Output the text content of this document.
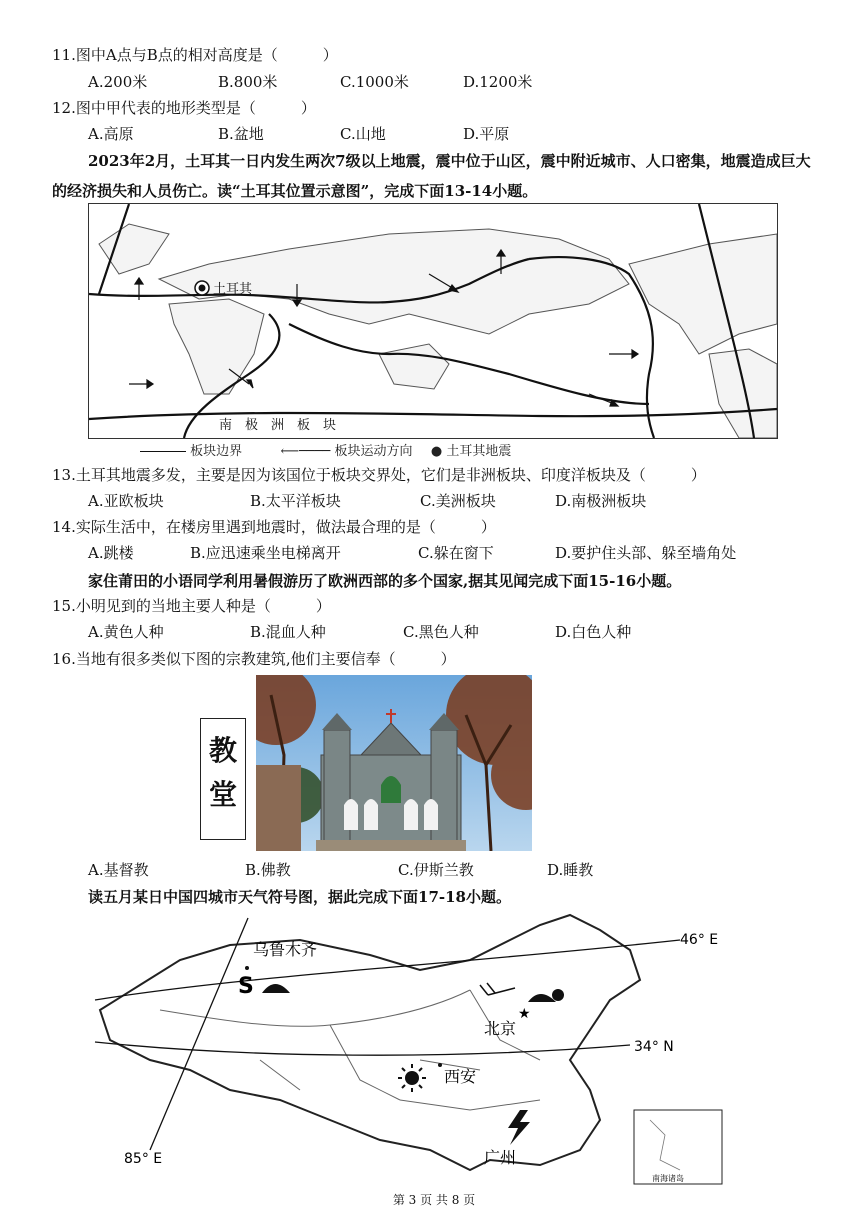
11.图中A点与B点的相对高度是（　　　）
A.200米	B.800米	C.1000米	D.1200米
12.图中甲代表的地形类型是（　　　）
A.高原	B.盆地	C.山地	D.平原
2023年2月，土耳其一日内发生两次7级以上地震，震中位于山区，震中附近城市、人口密集，地震造成巨大的经济损失和人员伤亡。读“土耳其位置示意图”，完成下面13-14小题。
土耳其
南　极　洲　板　块
板块边界	⟵──── 板块运动方向 ● 土耳其地震
13.土耳其地震多发，主要是因为该国位于板块交界处，它们是非洲板块、印度洋板块及（　　　）
A.亚欧板块	B.太平洋板块	C.美洲板块	D.南极洲板块
14.实际生活中，在楼房里遇到地震时，做法最合理的是（　　　）
A.跳楼	B.应迅速乘坐电梯离开	C.躲在窗下	D.要护住头部、躲至墙角处
家住莆田的小语同学利用暑假游历了欧洲西部的多个国家,据其见闻完成下面15-16小题。
15.小明见到的当地主要人种是（　　　）
A.黄色人种	B.混血人种	C.黑色人种	D.白色人种
16.当地有很多类似下图的宗教建筑,他们主要信奉（　　　）
教
堂
A.基督教	B.佛教	C.伊斯兰教	D.睡教
读五月某日中国四城市天气符号图，据此完成下面17-18小题。
46° E
34° N
85° E
乌鲁木齐
北京
★
西安
广州
S
南海诸岛
第 3 页 共 8 页
